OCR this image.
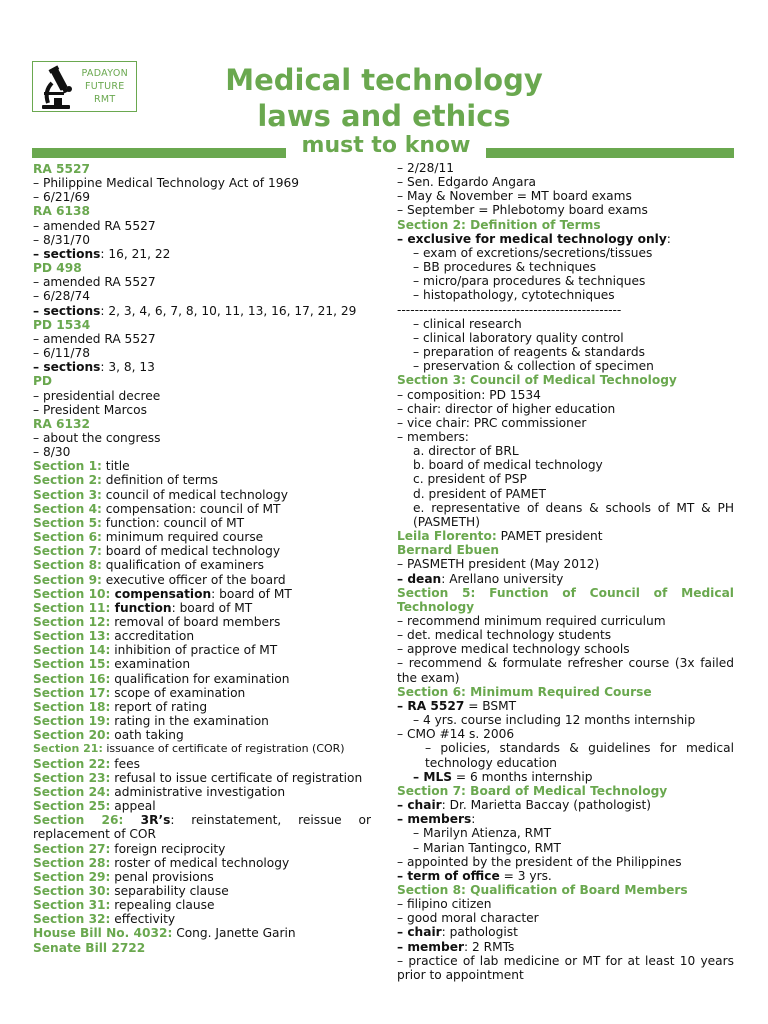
PADAYON
FUTURE
RMT
Medical technology
laws and ethics
must to know
RA 5527
– Philippine Medical Technology Act of 1969
– 6/21/69
RA 6138
– amended RA 5527
– 8/31/70
– sections: 16, 21, 22
PD 498
– amended RA 5527
– 6/28/74
– sections: 2, 3, 4, 6, 7, 8, 10, 11, 13, 16, 17, 21, 29
PD 1534
– amended RA 5527
– 6/11/78
– sections: 3, 8, 13
PD
– presidential decree
– President Marcos
RA 6132
– about the congress
– 8/30
Section 1: title
Section 2: definition of terms
Section 3: council of medical technology
Section 4: compensation: council of MT
Section 5: function: council of MT
Section 6: minimum required course
Section 7: board of medical technology
Section 8: qualification of examiners
Section 9: executive officer of the board
Section 10: compensation: board of MT
Section 11: function: board of MT
Section 12: removal of board members
Section 13: accreditation
Section 14: inhibition of practice of MT
Section 15: examination
Section 16: qualification for examination
Section 17: scope of examination
Section 18: report of rating
Section 19: rating in the examination
Section 20: oath taking
Section 21: issuance of certificate of registration (COR)
Section 22: fees
Section 23: refusal to issue certificate of registration
Section 24: administrative investigation
Section 25: appeal
Section 26: 3R’s: reinstatement, reissue or replacement of COR
Section 27: foreign reciprocity
Section 28: roster of medical technology
Section 29: penal provisions
Section 30: separability clause
Section 31: repealing clause
Section 32: effectivity
House Bill No. 4032: Cong. Janette Garin
Senate Bill 2722
– 2/28/11
– Sen. Edgardo Angara
– May & November = MT board exams
– September = Phlebotomy board exams
Section 2: Definition of Terms
– exclusive for medical technology only:
– exam of excretions/secretions/tissues
– BB procedures & techniques
– micro/para procedures & techniques
– histopathology, cytotechniques
---------------------------------------------------
– clinical research
– clinical laboratory quality control
– preparation of reagents & standards
– preservation & collection of specimen
Section 3: Council of Medical Technology
– composition: PD 1534
– chair: director of higher education
– vice chair: PRC commissioner
– members:
a. director of BRL
b. board of medical technology
c. president of PSP
d. president of PAMET
e. representative of deans & schools of MT & PH (PASMETH)
Leila Florento: PAMET president
Bernard Ebuen
– PASMETH president (May 2012)
– dean: Arellano university
Section 5: Function of Council of Medical Technology
– recommend minimum required curriculum
– det. medical technology students
– approve medical technology schools
– recommend & formulate refresher course (3x failed the exam)
Section 6: Minimum Required Course
– RA 5527 = BSMT
– 4 yrs. course including 12 months internship
– CMO #14 s. 2006
– policies, standards & guidelines for medical technology education
– MLS = 6 months internship
Section 7: Board of Medical Technology
– chair: Dr. Marietta Baccay (pathologist)
– members:
– Marilyn Atienza, RMT
– Marian Tantingco, RMT
– appointed by the president of the Philippines
– term of office = 3 yrs.
Section 8: Qualification of Board Members
– filipino citizen
– good moral character
– chair: pathologist
– member: 2 RMTs
– practice of lab medicine or MT for at least 10 years prior to appointment
